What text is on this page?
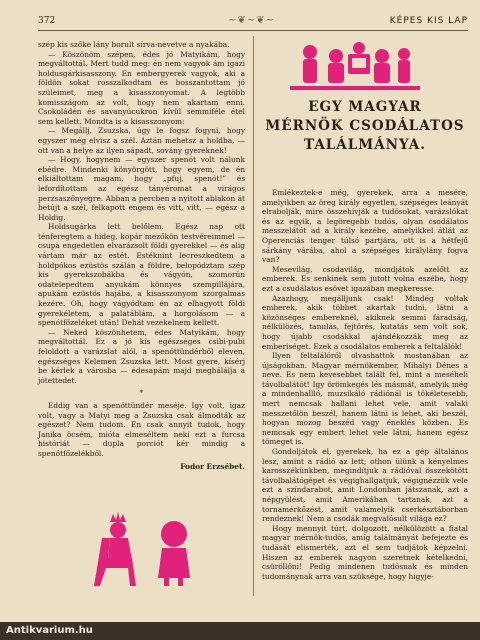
372	~❦~❦~	KÉPES KIS LAP

szép kis szőke lány borult sírva-nevetve a nyakába.

— Köszönöm szépen, édes jó Matyikám, hogy megváltottál. Mert tudd meg: én nem vagyok ám igazi holdusgárkisasszony. En embergyerek vagyok, aki a földön sokat rosszalkodtam és bosszantottam jó szüleimet, meg a kisasszonyomat. A legtöbb komisszágom az volt, hogy nem akartam enni. Csokoládén és savanyúcukron kívül semmiféle étel sem kellett. Mondta is a kisasszonyom:

— Megállj, Zsuzska, úgy le fogsz fogyni, hogy egyszer még elvisz a szél. Aztán mehetsz a holdba, — ott van a helye az ilyen sápadt, sovány gyereknek!

— Hogy, hogynem — egyszer spenót volt nálunk ebédre. Mindenki könyörgött, hogy egyem, de én elkiáltottam magam, hogy „pfuj, spenót!” és lefordítottam az egész tányéromat a virágos perzsaszőnyegre. Abban a percben a nyitott ablakon át betújt a szél, felkapott engem és vitt, vitt, — egész a Holdig.

Holdsugárka lett belőlem. Egész nap ott ténferegtem a hideg, kopár mezőkön testvéreimmel — csupa engedetlen elvarázsolt földi gyerekkel — és alig vártam már az estét. Estéknint lecreszkedtem a holdpókos ezüstös szálán a földre, belopództam szép kis gyerekszobákba és vágyón, szomorún odatelepedtem anyukám könnyes szempillájára, apukám ezüstös hajába, a kisasszonyom szorgalmas kezére. Oh, hogy vágyódtam én az elhagyott földi gyerekéletem, a palatáblám, a horgolásom — a spenótfőzeléket után! Dehát vezekelnem kellett.

— Neked köszönhetem, édes Matyikám, hogy megváltottál. Ez a jó kis egészséges csibi-pubi feloldott a varázslat alól, a spenóttündérből eleven, egészséges Kelemen Zsuzska lett. Most gyere, kísérj be kérlek a városba — édesapám majd meghálálja a jótettedet.

*

Eddig van a spenóttündér meséje. Igy volt, igaz volt, vagy a Matyi meg a Zsuzska csak álmodták az egészet? Nem tudom. En csak annyit tudok, hogy Janika öcsém, mióta elmeséltem neki ezt a furcsa históriát — dupla porciót kér mindig a spenótfőzelékből.

Fodor Erzsébet.

EGY MAGYAR
MÉRNÖK CSODÁLATOS
TALÁLMÁNYA.

Emlékeztek-e még, gyerekek, arra a mesére, amelyikben az öreg király egyetlen, szépséges leányát elrabolják, mire összehívják a tudósokat, varázslókat és az egyik, a legöregebb tudós, olyan csodálatos messzelátót ad a király kezébe, amelyikkel átlát az Operenciás tenger túlsó partjára, ott is a hétfejű sárkány várába, ahol a szépséges királylány fogva van?

Mesevilág, csodavilág, mondjátok azelőtt az emberek. Es senkinek sem jutott volna eszébe, hogy ezt a csudálatos esövet igazában megkeresse.

Azazhogy, megálljunk csak! Mindég voltak emberek, akik többet akartak tudni, látni a közönséges embereknél, akiknek semmi fáradság, nélkülözés, tanulás, fejtörés, kutatás sem volt sok, hogy újabb csodákkal ajándékozzák meg az emberiséget. Ezek a csodálatos emberek a feltalálók!

Ilyen feltalálóról olvashattok mostanában az újságokban. Magyar mérnökember, Mihályi Dénes a neve. Es nem kevesebbet talált fel, mint a meséheli távolbalátót! Igy örömkegés lés másmát, amelyik még a mindenhallló, muzsikáló rádiónál is tökéletesebb, mert nemcsak hallani lehet vele, amit valaki messzetőlön beszél, hanem látni is lehet, aki beszél, hogyan mozog beszéd vagy éneklés közben. Es nemcsak egy embert lehet vele látni, hanem egész tömeget is.

Gondoljátok el, gyerekek, ha ez a gép általános lesz, amint a rádió az lett; othon ülünk a kényelmes karosszékünkben, megindítjuk a rádióval összekötött távolbalátógépet és végighallgatjuk, végignézzük vele ezt a színdarabot, amit Londonban játszanak, azt a népgyülést, amit Amerikában tartanak, azt a tornamérkőzést, amit valamelyik cserkésztáborban rendeznek! Nem a csodák megvalósult világa ez?

Hogy mennyit túrt, dolgozott, nélkülözött a fiatal magyar mérnök-tudós, amíg találmányát befejezte és tudását elismerték, azt el sem tudjátok képzelni. Hiszen az emberek nagyon szeretnek kételkedni, csüröllőni! Pedig mindenen tudósnak és minden tudománynak arra van szüksége, hogy higyje-

Antikvarium.hu
